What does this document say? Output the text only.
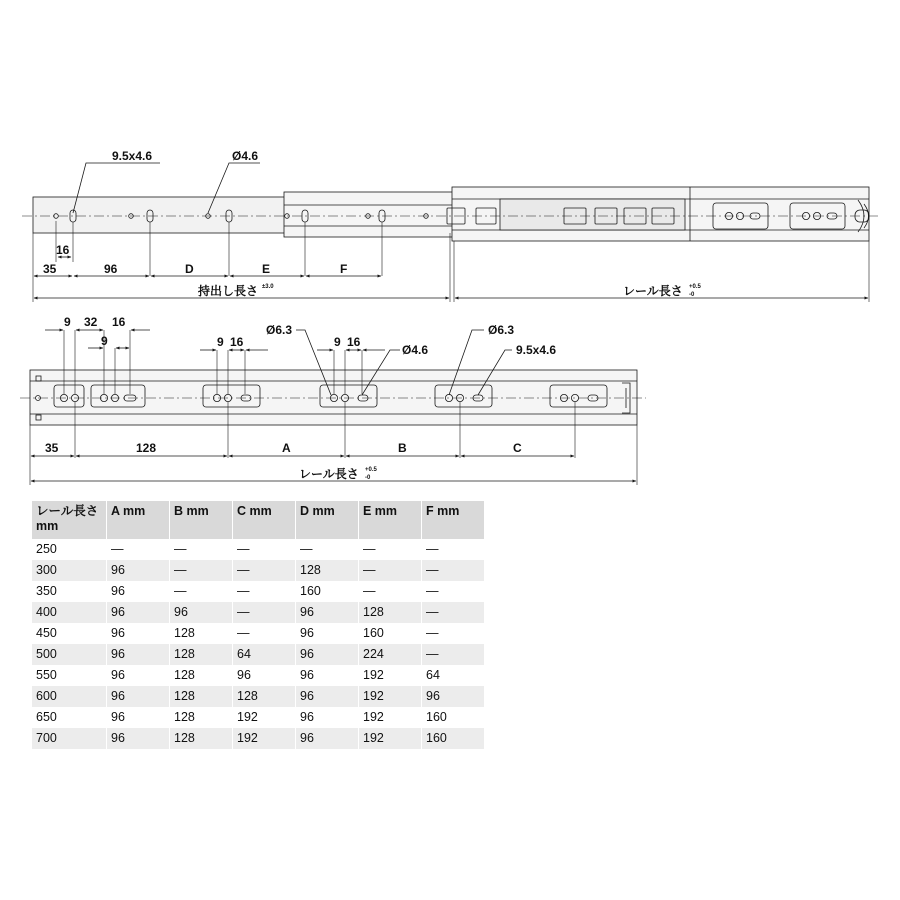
9.5x4.6	Ø4.6
16
35	96	D	E	F
持出し長さ ±3.0	レール長さ +0.5
-0
9 32 16
9	9 16	9 16
Ø6.3
Ø4.6
Ø6.3
9.5x4.6
35	128	A	B	C
レール長さ +0.5
-0
レール長さ mm	A mm	B mm	C mm	D mm	E mm	F mm
250	—	—	—	—	—	—
300	96	—	—	128	—	—
350	96	—	—	160	—	—
400	96	96	—	96	128	—
450	96	128	—	96	160	—
500	96	128	64	96	224	—
550	96	128	96	96	192	64
600	96	128	128	96	192	96
650	96	128	192	96	192	160
700	96	128	192	96	192	160
